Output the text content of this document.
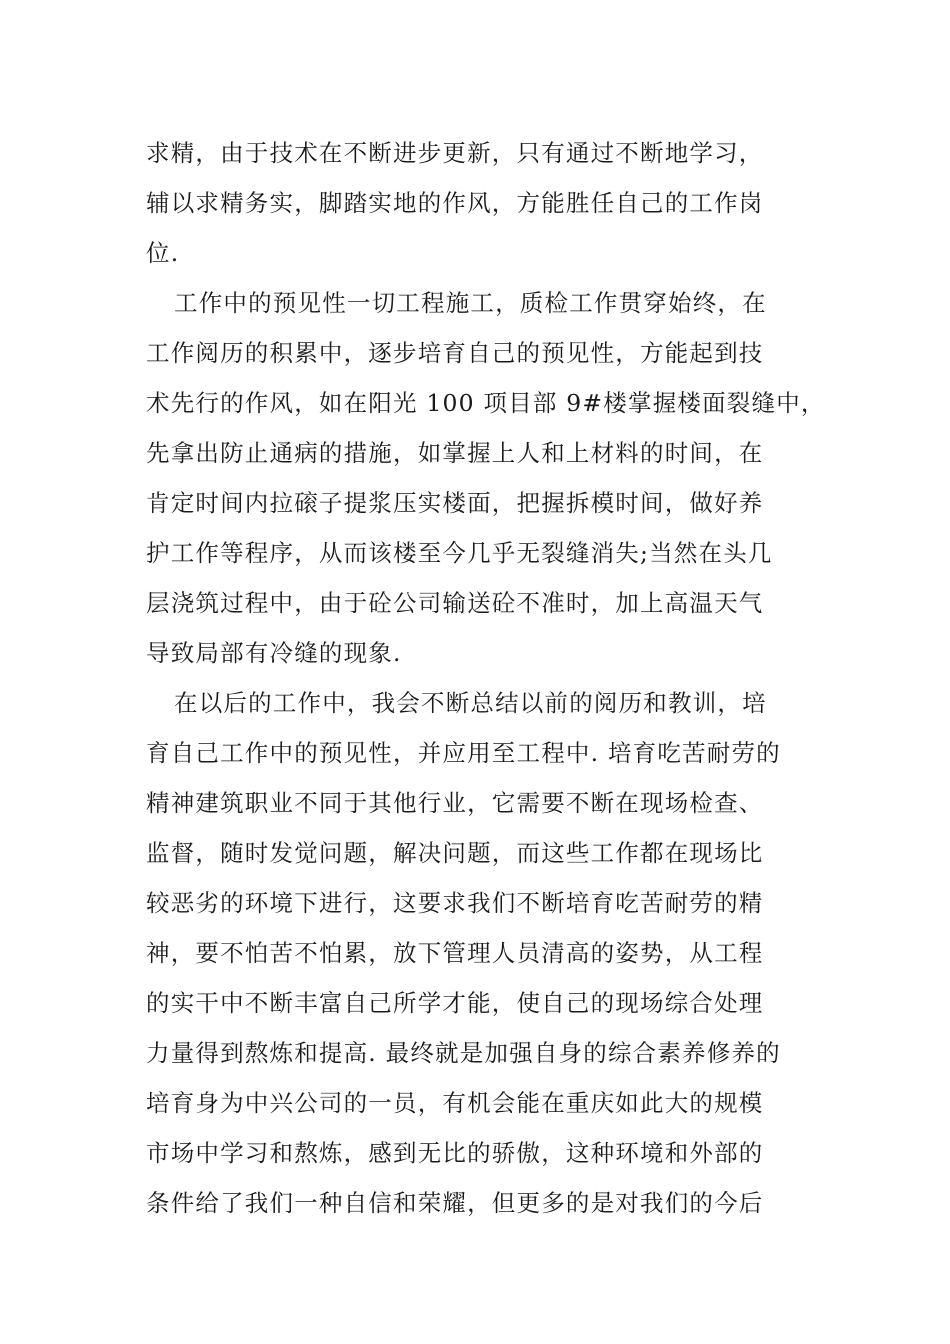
求精，由于技术在不断进步更新，只有通过不断地学习，
辅以求精务实，脚踏实地的作风，方能胜任自己的工作岗
位.
工作中的预见性一切工程施工，质检工作贯穿始终，在
工作阅历的积累中，逐步培育自己的预见性，方能起到技
术先行的作风，如在阳光 100 项目部 9#楼掌握楼面裂缝中，
先拿出防止通病的措施，如掌握上人和上材料的时间，在
肯定时间内拉磙子提浆压实楼面，把握拆模时间，做好养
护工作等程序，从而该楼至今几乎无裂缝消失;当然在头几
层浇筑过程中，由于砼公司输送砼不准时，加上高温天气
导致局部有冷缝的现象.
在以后的工作中，我会不断总结以前的阅历和教训，培
育自己工作中的预见性，并应用至工程中. 培育吃苦耐劳的
精神建筑职业不同于其他行业，它需要不断在现场检查、
监督，随时发觉问题，解决问题，而这些工作都在现场比
较恶劣的环境下进行，这要求我们不断培育吃苦耐劳的精
神，要不怕苦不怕累，放下管理人员清高的姿势，从工程
的实干中不断丰富自己所学才能，使自己的现场综合处理
力量得到熬炼和提高. 最终就是加强自身的综合素养修养的
培育身为中兴公司的一员，有机会能在重庆如此大的规模
市场中学习和熬炼，感到无比的骄傲，这种环境和外部的
条件给了我们一种自信和荣耀，但更多的是对我们的今后
